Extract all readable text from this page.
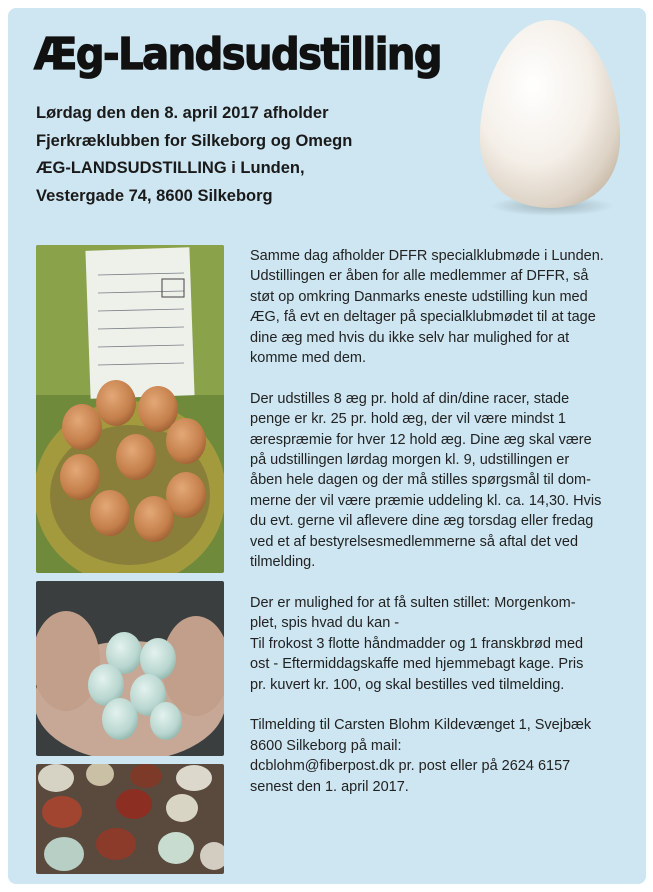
Æg-Landsudstilling
Lørdag den den 8. april 2017 afholder
Fjerkræklubben for Silkeborg og Omegn
ÆG-LANDSUDSTILLING i Lunden,
Vestergade 74, 8600 Silkeborg

Samme dag afholder DFFR specialklubmøde i Lunden.
Udstillingen er åben for alle medlemmer af DFFR, så
støt op omkring Danmarks eneste udstilling kun med
ÆG, få evt en deltager på specialklubmødet til at tage
dine æg med hvis du ikke selv har mulighed for at
komme med dem.

Der udstilles 8 æg pr. hold af din/dine racer, stade
penge er kr. 25 pr. hold æg, der vil være mindst 1
ærespræmie for hver 12 hold æg. Dine æg skal være
på udstillingen lørdag morgen kl. 9, udstillingen er
åben hele dagen og der må stilles spørgsmål til dom-
merne der vil være præmie uddeling kl. ca. 14,30. Hvis
du evt. gerne vil aflevere dine æg torsdag eller fredag
ved et af bestyrelsesmedlemmerne så aftal det ved
tilmelding.

Der er mulighed for at få sulten stillet: Morgenkom-
plet, spis hvad du kan -
Til frokost 3 flotte håndmadder og 1 franskbrød med
ost - Eftermiddagskaffe med hjemmebagt kage. Pris
pr. kuvert kr. 100, og skal bestilles ved tilmelding.

Tilmelding til Carsten Blohm Kildevænget 1, Svejbæk
8600 Silkeborg på mail:
dcblohm@fiberpost.dk pr. post eller på 2624 6157
senest den 1. april 2017.
